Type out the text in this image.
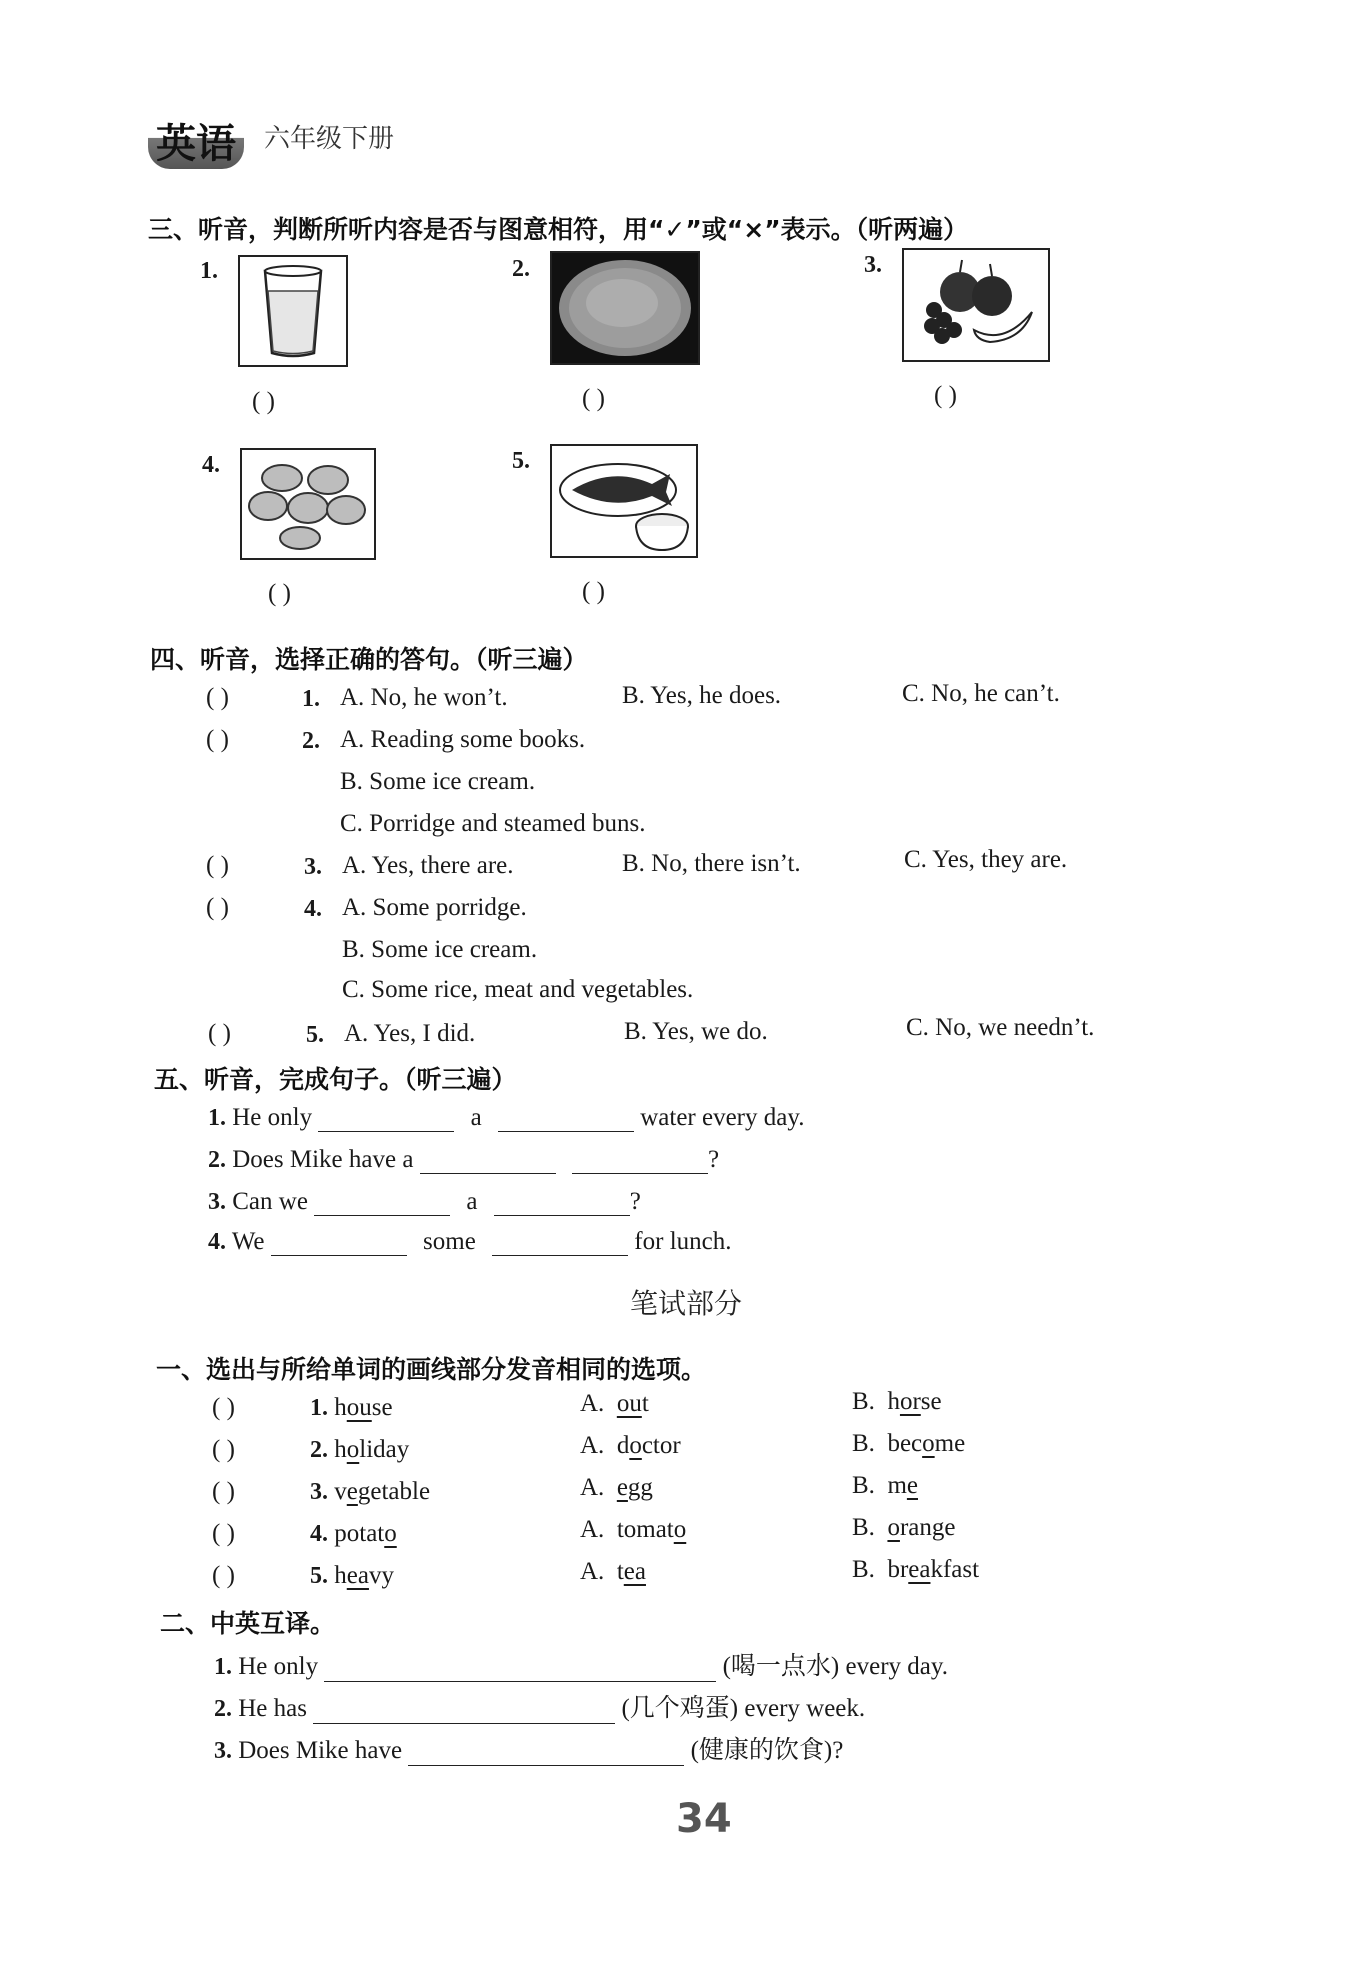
英语	六年级下册
三、听音，判断所听内容是否与图意相符，用“✓”或“×”表示。（听两遍）
1.
( )
2.
( )
3.
( )
4.
( )
5.
( )
四、听音，选择正确的答句。（听三遍）
( )	1. A. No, he won’t.	B. Yes, he does.	C. No, he can’t.
( )	2. A. Reading some books.
B. Some ice cream.
C. Porridge and steamed buns.
( )	3. A. Yes, there are.	B. No, there isn’t.	C. Yes, they are.
( )	4. A. Some porridge.
B. Some ice cream.
C. Some rice, meat and vegetables.
( )	5. A. Yes, I did.	B. Yes, we do.	C. No, we needn’t.
五、听音，完成句子。（听三遍）
1. He only	a	water every day.
2. Does Mike have a	?
3. Can we	a	?
4. We	some	for lunch.
笔试部分
一、选出与所给单词的画线部分发音相同的选项。
( )	1. house	A. out	B. horse
( )	2. holiday	A. doctor	B. become
( )	3. vegetable	A. egg	B. me
( )	4. potato	A. tomato	B. orange
( )	5. heavy	A. tea	B. breakfast
二、中英互译。
1. He only	(喝一点水) every day.
2. He has	(几个鸡蛋) every week.
3. Does Mike have	(健康的饮食)?
34
